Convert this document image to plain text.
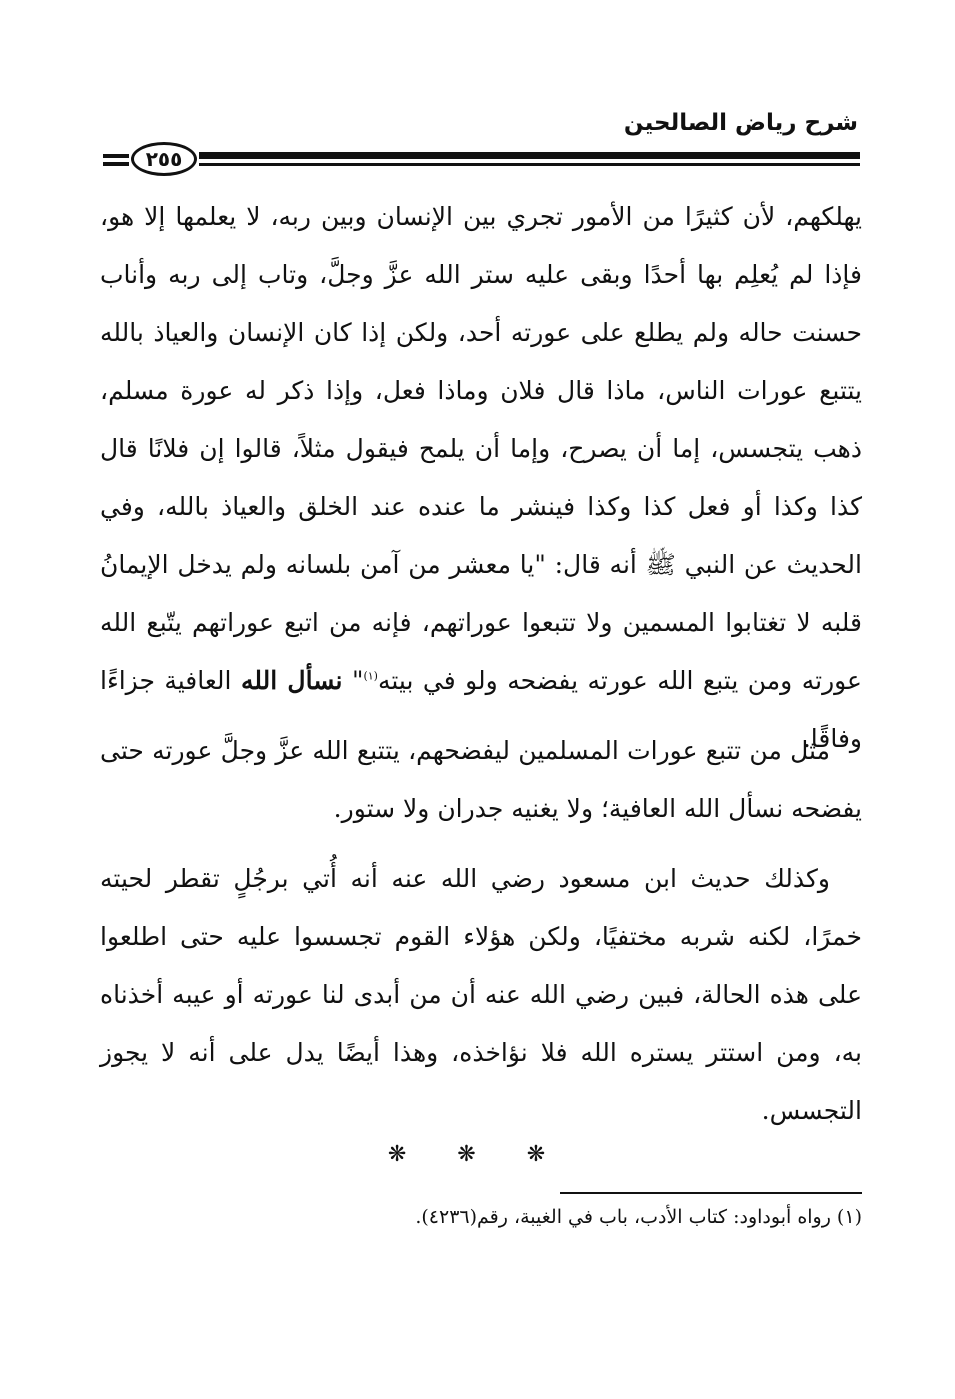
شرح رياض الصالحين
٢٥٥

يهلكهم، لأن كثيرًا من الأمور تجري بين الإنسان وبين ربه، لا يعلمها إلا هو، فإذا لم يُعلِم بها أحدًا وبقى عليه ستر الله عزَّ وجلَّ، وتاب إلى ربه وأناب حسنت حاله ولم يطلع على عورته أحد، ولكن إذا كان الإنسان والعياذ بالله يتتبع عورات الناس، ماذا قال فلان وماذا فعل، وإذا ذكر له عورة مسلم، ذهب يتجسس، إما أن يصرح، وإما أن يلمح فيقول مثلاً، قالوا إن فلانًا قال كذا وكذا أو فعل كذا وكذا فينشر ما عنده عند الخلق والعياذ بالله، وفي الحديث عن النبي ﷺ أنه قال: "يا معشر من آمن بلسانه ولم يدخل الإيمانُ قلبه لا تغتابوا المسمين ولا تتبعوا عوراتهم، فإنه من اتبع عوراتهم يتّبع الله عورته ومن يتبع الله عورته يفضحه ولو في بيته$^{(١)}$" نسأل الله العافية جزاءًا وفاقًا.

مثل من تتبع عورات المسلمين ليفضحهم، يتتبع الله عزَّ وجلَّ عورته حتى يفضحه نسأل الله العافية؛ ولا يغنيه جدران ولا ستور.

وكذلك حديث ابن مسعود رضي الله عنه أنه أُتي برجُلٍ تقطر لحيته خمرًا، لكنه شربه مختفيًا، ولكن هؤلاء القوم تجسسوا عليه حتى اطلعوا على هذه الحالة، فبين رضي الله عنه أن من أبدى لنا عورته أو عيبه أخذناه به، ومن استتر يستره الله فلا نؤاخذه، وهذا أيضًا يدل على أنه لا يجوز التجسس.

❋ ❋ ❋
(١) رواه أبوداود: كتاب الأدب، باب في الغيبة، رقم(٤٢٣٦).
